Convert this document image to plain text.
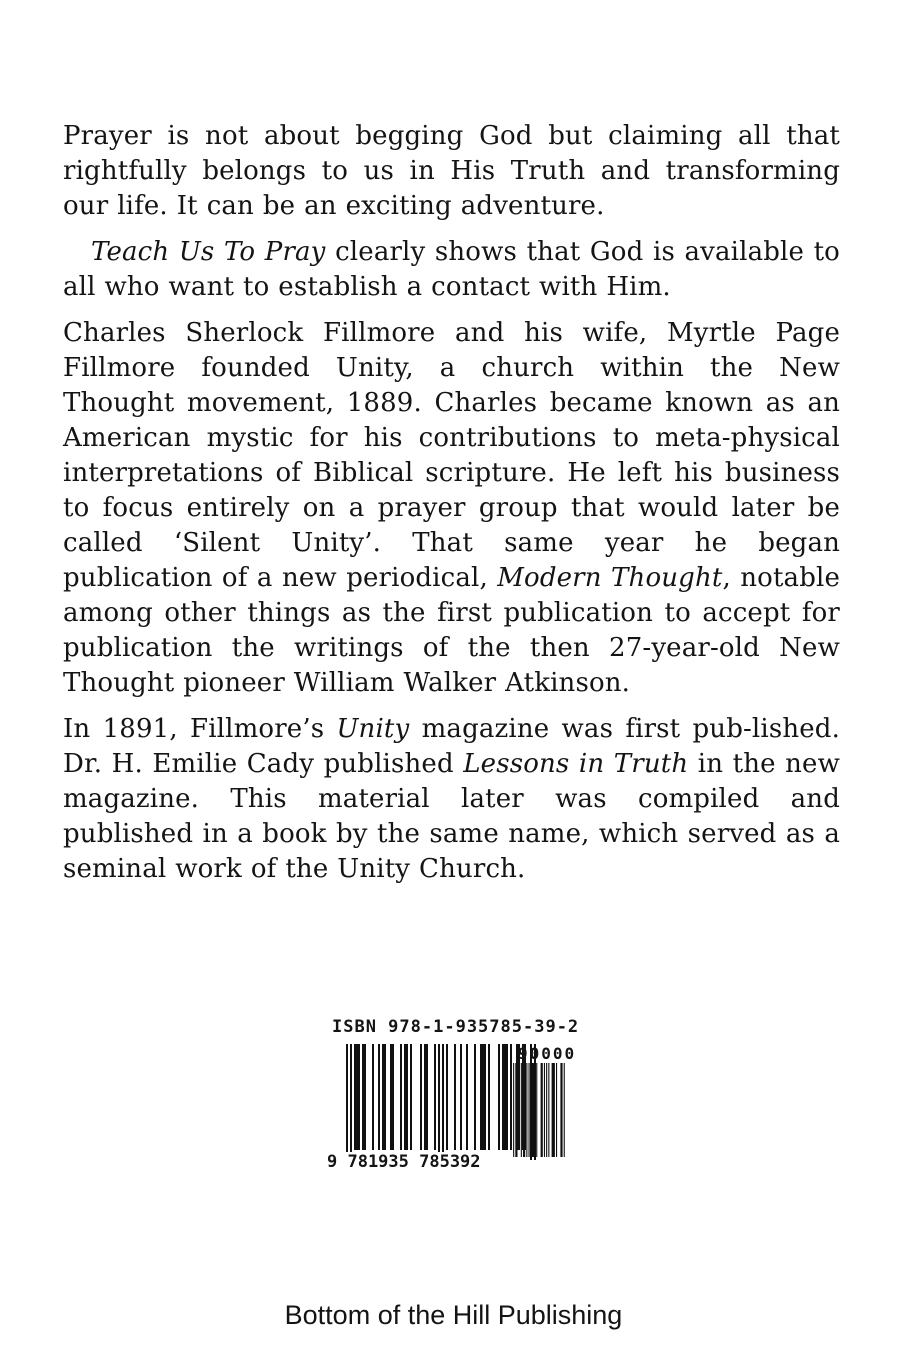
Prayer is not about begging God but claiming all that rightfully belongs to us in His Truth and transforming our life. It can be an exciting adventure.

Teach Us To Pray clearly shows that God is available to all who want to establish a contact with Him.

Charles Sherlock Fillmore and his wife, Myrtle Page Fillmore founded Unity, a church within the New Thought movement, 1889. Charles became known as an American mystic for his contributions to meta-physical interpretations of Biblical scripture. He left his business to focus entirely on a prayer group that would later be called ‘Silent Unity’. That same year he began publication of a new periodical, Modern Thought, notable among other things as the first publication to accept for publication the writings of the then 27-year-old New Thought pioneer William Walker Atkinson.

In 1891, Fillmore’s Unity magazine was first pub-lished. Dr. H. Emilie Cady published Lessons in Truth in the new magazine. This material later was compiled and published in a book by the same name, which served as a seminal work of the Unity Church.

ISBN 978-1-935785-39-2
90000
9 781935 785392
Bottom of the Hill Publishing
